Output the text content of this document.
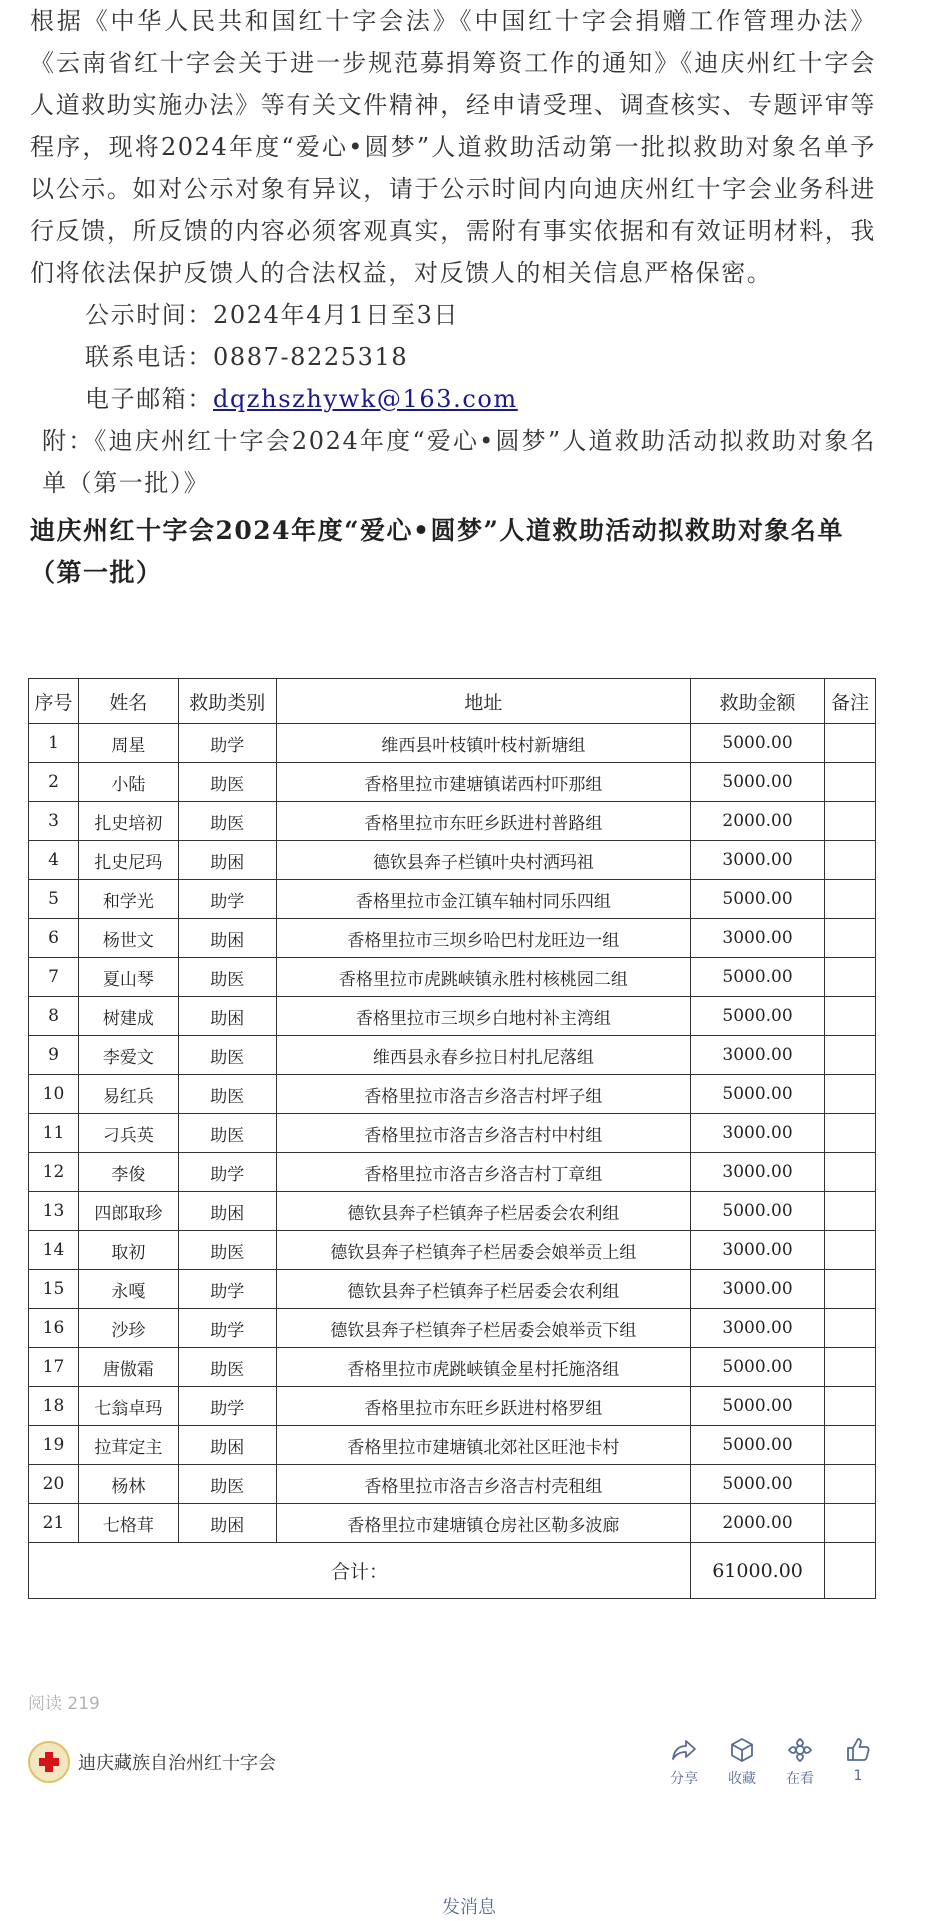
根据《中华人民共和国红十字会法》《中国红十字会捐赠工作管理办法》《云南省红十字会关于进一步规范募捐筹资工作的通知》《迪庆州红十字会人道救助实施办法》等有关文件精神，经申请受理、调查核实、专题评审等程序，现将2024年度“爱心•圆梦”人道救助活动第一批拟救助对象名单予以公示。如对公示对象有异议，请于公示时间内向迪庆州红十字会业务科进行反馈，所反馈的内容必须客观真实，需附有事实依据和有效证明材料，我们将依法保护反馈人的合法权益，对反馈人的相关信息严格保密。

公示时间：2024年4月1日至3日

联系电话：0887-8225318

电子邮箱：dqzhszhywk@163.com

附：《迪庆州红十字会2024年度“爱心•圆梦”人道救助活动拟救助对象名单（第一批）》

迪庆州红十字会2024年度“爱心•圆梦”人道救助活动拟救助对象名单（第一批）

序号	姓名	救助类别	地址	救助金额	备注
1	周星	助学	维西县叶枝镇叶枝村新塘组	5000.00	
2	小陆	助医	香格里拉市建塘镇诺西村吓那组	5000.00	
3	扎史培初	助医	香格里拉市东旺乡跃进村普路组	2000.00	
4	扎史尼玛	助困	德钦县奔子栏镇叶央村洒玛祖	3000.00	
5	和学光	助学	香格里拉市金江镇车轴村同乐四组	5000.00	
6	杨世文	助困	香格里拉市三坝乡哈巴村龙旺边一组	3000.00	
7	夏山琴	助医	香格里拉市虎跳峡镇永胜村核桃园二组	5000.00	
8	树建成	助困	香格里拉市三坝乡白地村补主湾组	5000.00	
9	李爱文	助医	维西县永春乡拉日村扎尼落组	3000.00	
10	易红兵	助医	香格里拉市洛吉乡洛吉村坪子组	5000.00	
11	刁兵英	助医	香格里拉市洛吉乡洛吉村中村组	3000.00	
12	李俊	助学	香格里拉市洛吉乡洛吉村丁章组	3000.00	
13	四郎取珍	助困	德钦县奔子栏镇奔子栏居委会农利组	5000.00	
14	取初	助医	德钦县奔子栏镇奔子栏居委会娘举贡上组	3000.00	
15	永嘎	助学	德钦县奔子栏镇奔子栏居委会农利组	3000.00	
16	沙珍	助学	德钦县奔子栏镇奔子栏居委会娘举贡下组	3000.00	
17	唐傲霜	助医	香格里拉市虎跳峡镇金星村托施洛组	5000.00	
18	七翁卓玛	助学	香格里拉市东旺乡跃进村格罗组	5000.00	
19	拉茸定主	助困	香格里拉市建塘镇北郊社区旺池卡村	5000.00	
20	杨林	助医	香格里拉市洛吉乡洛吉村壳租组	5000.00	
21	七格茸	助困	香格里拉市建塘镇仓房社区勒多波廊	2000.00	
合计：				61000.00	
阅读 219
迪庆藏族自治州红十字会
分享 收藏 在看	1
发消息
